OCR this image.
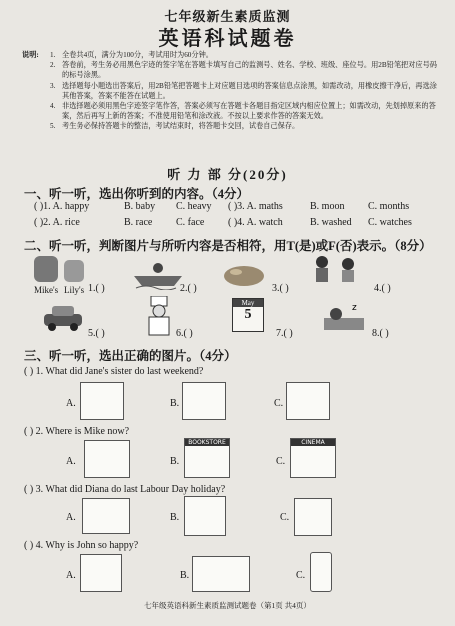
七年级新生素质监测
英语科试题卷
说明:	1. 全卷共4页，满分为100分，考试用时为60分钟。
2. 答卷前，考生务必用黑色字迹的签字笔在答题卡填写自己的监测号、姓名、学校、班级、座位号。用2B铅笔把对应号码的标号涂黑。
3. 选择题每小题选出答案后，用2B铅笔把答题卡上对应题目选项的答案信息点涂黑，如需改动，用橡皮擦干净后，再选涂其他答案，答案不能答在试题上。
4. 非选择题必须用黑色字迹签字笔作答，答案必须写在答题卡各题目指定区域内相应位置上；如需改动，先划掉原来的答案，然后再写上新的答案；不准使用铅笔和涂改液。不按以上要求作答的答案无效。
5. 考生务必保持答题卡的整洁，考试结束时，将答题卡交回，试卷自己保存。
听 力 部 分(20分)
一、听一听，选出你听到的内容。（4分）
( )1. A. happy	B. baby C. heavy ( )3. A. maths	B. moon C. months
( )2. A. rice	B. race C. face ( )4. A. watch	B. washed C. watches
二、听一听，判断图片与所听内容是否相符，用T(是)或F(否)表示。（8分）
Mike's Lily's 1.( )	2.( )	3.( )	4.( )
5.( )	6.( )
May
5
7.( )
z
8.( )
三、听一听，选出正确的图片。（4分）
( ) 1. What did Jane's sister do last weekend?
A.	B.	C.
( ) 2. Where is Mike now?
A.	B.
BOOKSTORE
C.
CINEMA
( ) 3. What did Diana do last Labour Day holiday?
A.	B.	C.
( ) 4. Why is John so happy?
A.	B.	C.
七年级英语科新生素质监测试题卷（第1页 共4页）
